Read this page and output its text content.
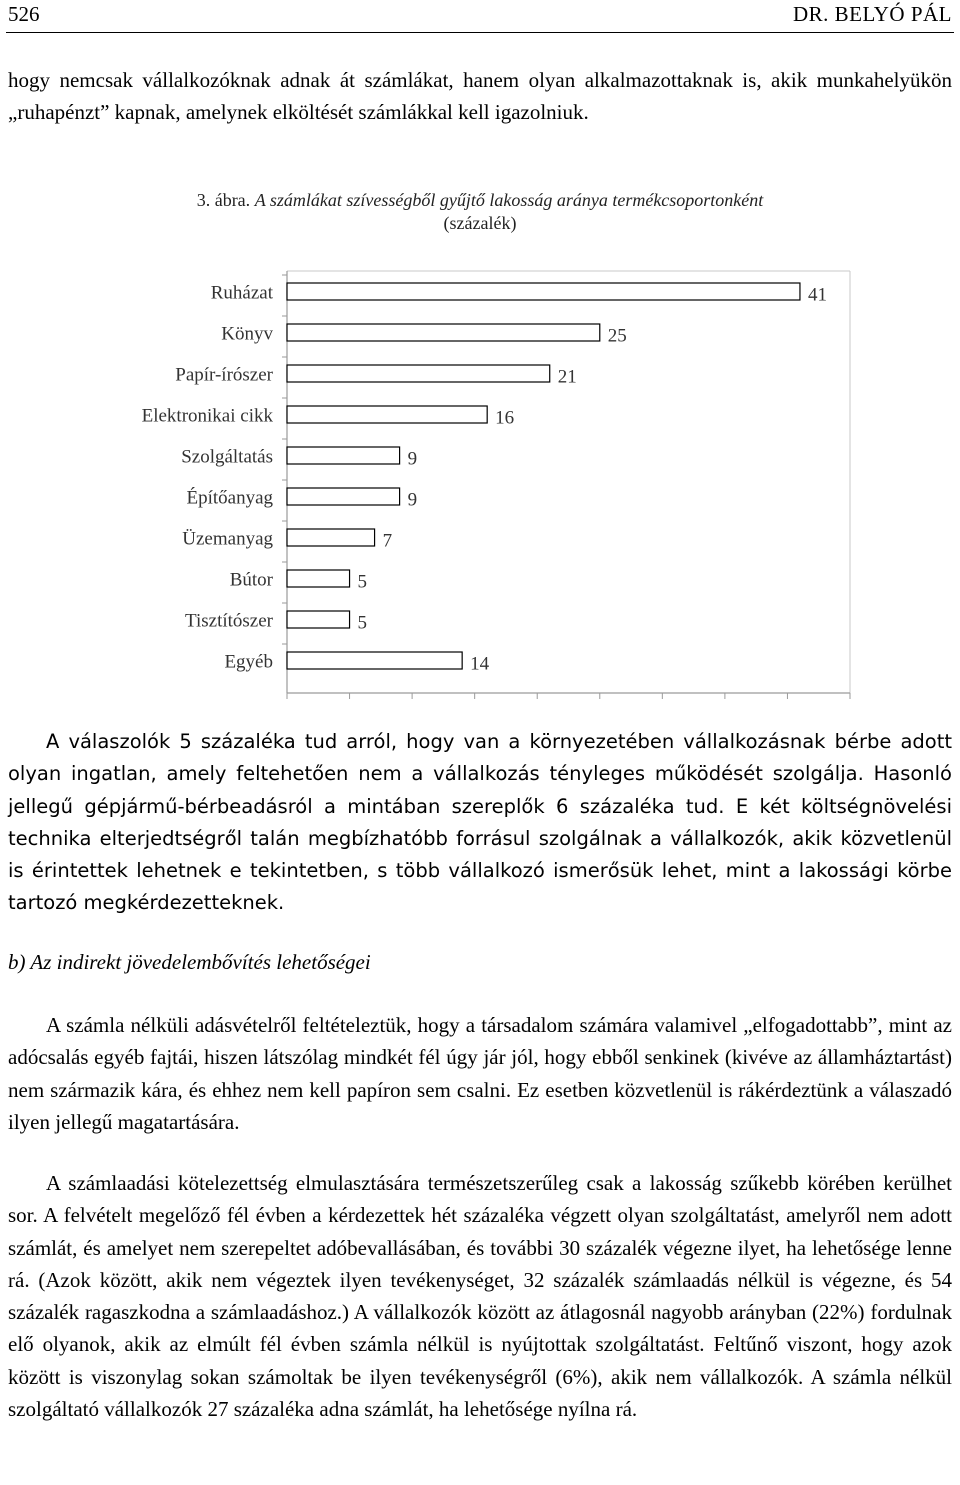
526	DR. BELYÓ PÁL

hogy nemcsak vállalkozóknak adnak át számlákat, hanem olyan alkalmazottaknak is, akik munkahelyükön „ruhapénzt” kapnak, amelynek elköltését számlákkal kell igazolniuk.

3. ábra. A számlákat szívességből gyűjtő lakosság aránya termékcsoportonként
(százalék)
Ruházat	41
Könyv	25
Papír-írószer	21
Elektronikai cikk	16
Szolgáltatás	9
Építőanyag	9
Üzemanyag	7
Bútor	5
Tisztítószer	5
Egyéb	14

A válaszolók 5 százaléka tud arról, hogy van a környezetében vállalkozásnak bérbe adott olyan ingatlan, amely feltehetően nem a vállalkozás tényleges működését szolgálja. Hasonló jellegű gépjármű-bérbeadásról a mintában szereplők 6 százaléka tud. E két költségnövelési technika elterjedtségről talán megbízhatóbb forrásul szolgálnak a vállalkozók, akik közvetlenül is érintettek lehetnek e tekintetben, s több vállalkozó ismerősük lehet, mint a lakossági körbe tartozó megkérdezetteknek.

b) Az indirekt jövedelembővítés lehetőségei

A számla nélküli adásvételről feltételeztük, hogy a társadalom számára valamivel „elfogadottabb”, mint az adócsalás egyéb fajtái, hiszen látszólag mindkét fél úgy jár jól, hogy ebből senkinek (kivéve az államháztartást) nem származik kára, és ehhez nem kell papíron sem csalni. Ez esetben közvetlenül is rákérdeztünk a válaszadó ilyen jellegű magatartására.

A számlaadási kötelezettség elmulasztására természetszerűleg csak a lakosság szűkebb körében kerülhet sor. A felvételt megelőző fél évben a kérdezettek hét százaléka végzett olyan szolgáltatást, amelyről nem adott számlát, és amelyet nem szerepeltet adóbevallásában, és további 30 százalék végezne ilyet, ha lehetősége lenne rá. (Azok között, akik nem végeztek ilyen tevékenységet, 32 százalék számlaadás nélkül is végezne, és 54 százalék ragaszkodna a számlaadáshoz.) A vállalkozók között az átlagosnál nagyobb arányban (22%) fordulnak elő olyanok, akik az elmúlt fél évben számla nélkül is nyújtottak szolgáltatást. Feltűnő viszont, hogy azok között is viszonylag sokan számoltak be ilyen tevékenységről (6%), akik nem vállalkozók. A számla nélkül szolgáltató vállalkozók 27 százaléka adna számlát, ha lehetősége nyílna rá.
